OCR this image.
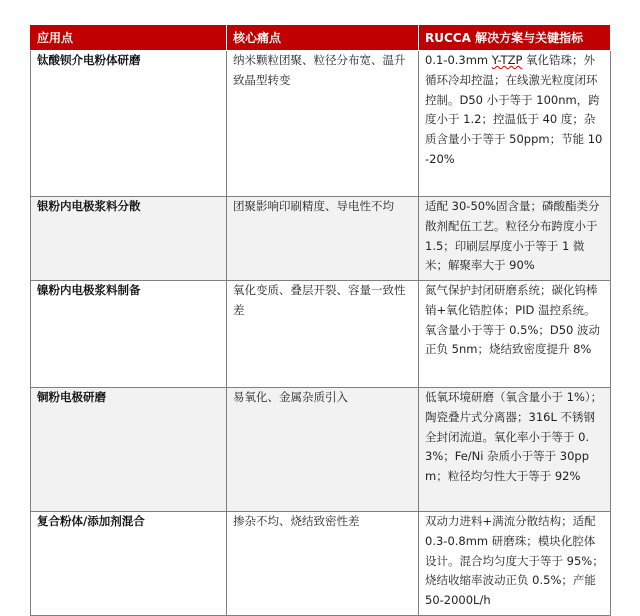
应用点	核心痛点	RUCCA 解决方案与关键指标
钛酸钡介电粉体研磨	纳米颗粒团聚、粒径分布宽、温升致晶型转变	0.1-0.3mm Y-TZP 氧化锆珠；外循环冷却控温；在线激光粒度闭环控制。D50 小于等于 100nm，跨度小于 1.2；控温低于 40 度；杂质含量小于等于 50ppm；节能 10-20%
银粉内电极浆料分散	团聚影响印刷精度、导电性不均	适配 30-50%固含量；磷酸酯类分散剂配伍工艺。粒径分布跨度小于 1.5；印刷层厚度小于等于 1 微米；解聚率大于 90%
镍粉内电极浆料制备	氧化变质、叠层开裂、容量一致性差	氮气保护封闭研磨系统；碳化钨棒销+氧化锆腔体；PID 温控系统。氧含量小于等于 0.5%；D50 波动正负 5nm；烧结致密度提升 8%
铜粉电极研磨	易氧化、金属杂质引入	低氧环境研磨（氧含量小于 1%）；陶瓷叠片式分离器；316L 不锈钢全封闭流道。氧化率小于等于 0.3%；Fe/Ni 杂质小于等于 30ppm；粒径均匀性大于等于 92%
复合粉体/添加剂混合	掺杂不均、烧结致密性差	双动力进料+满流分散结构；适配 0.3-0.8mm 研磨珠；模块化腔体设计。混合均匀度大于等于 95%；烧结收缩率波动正负 0.5%；产能 50-2000L/h
